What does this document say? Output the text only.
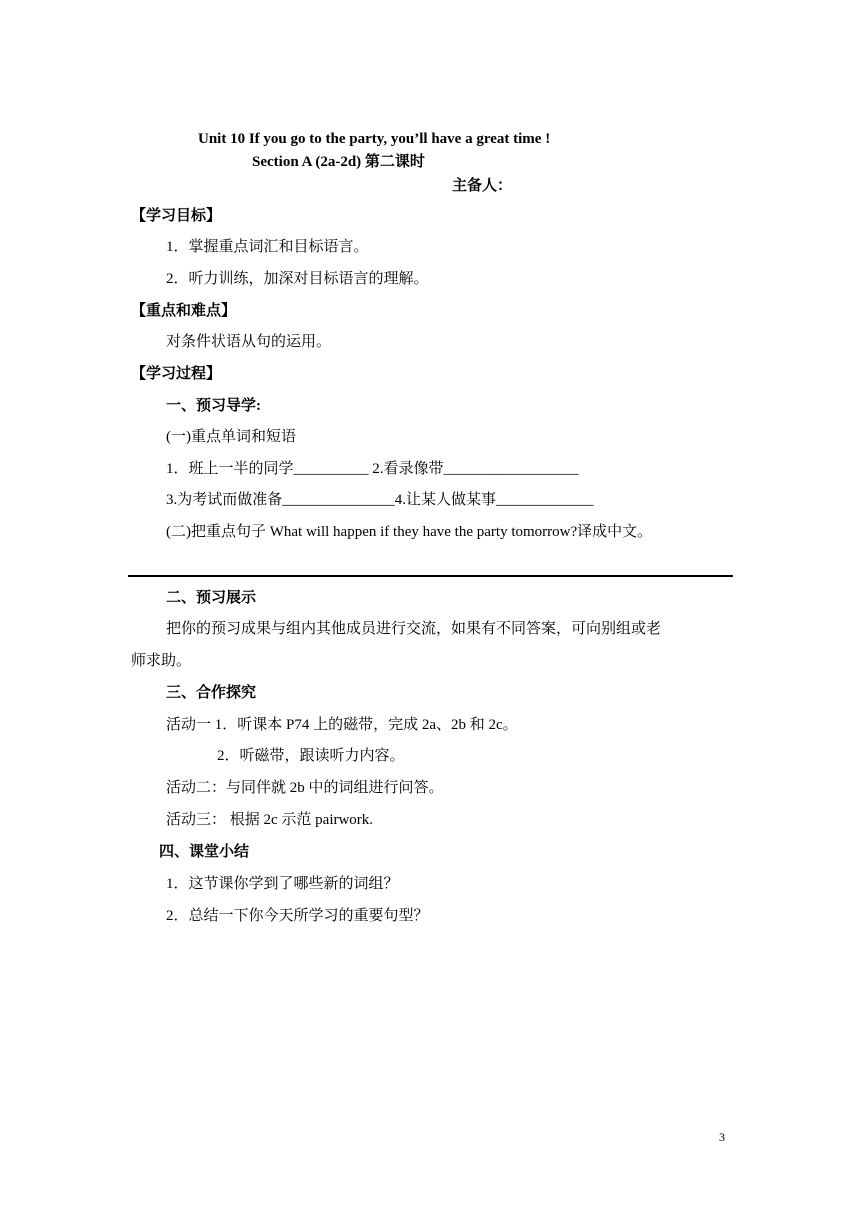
Unit 10 If you go to the party, you’ll have a great time !
Section A (2a-2d) 第二课时
主备人：
【学习目标】
1．掌握重点词汇和目标语言。
2．听力训练，加深对目标语言的理解。
【重点和难点】
对条件状语从句的运用。
【学习过程】
一、预习导学:
(一)重点单词和短语
1．班上一半的同学__________ 2.看录像带__________________
3.为考试而做准备_______________4.让某人做某事_____________
(二)把重点句子 What will happen if they have the party tomorrow?译成中文。
二、预习展示
把你的预习成果与组内其他成员进行交流，如果有不同答案，可向别组或老
师求助。
三、合作探究
活动一 1．听课本 P74 上的磁带，完成 2a、2b 和 2c。
2．听磁带，跟读听力内容。
活动二：与同伴就 2b 中的词组进行问答。
活动三： 根据 2c 示范 pairwork.
四、课堂小结
1．这节课你学到了哪些新的词组？
2．总结一下你今天所学习的重要句型？
3
